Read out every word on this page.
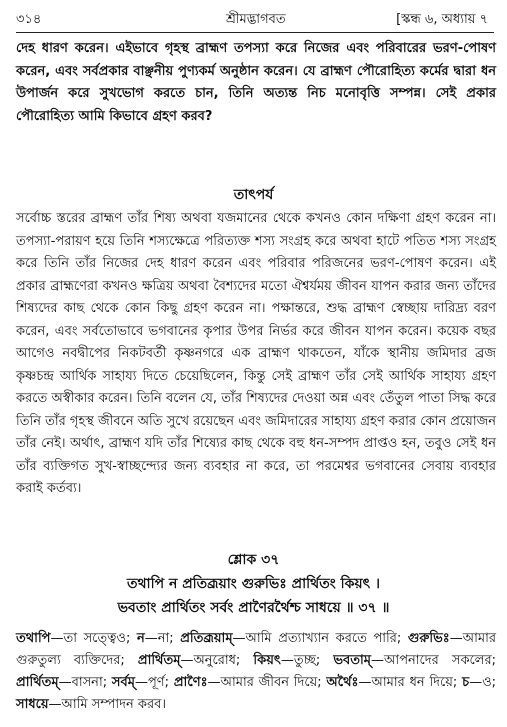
৩১৪	শ্রীমদ্ভাগবত	[স্কন্ধ ৬, অধ্যায় ৭

দেহ ধারণ করেন। এইভাবে গৃহস্থ ব্রাহ্মণ তপস্যা করে নিজের এবং পরিবারের ভরণ-পোষণ করেন, এবং সর্বপ্রকার বাঞ্ছনীয় পুণ্যকর্ম অনুষ্ঠান করেন। যে ব্রাহ্মণ পৌরোহিত্য কর্মের দ্বারা ধন উপার্জন করে সুখভোগ করতে চান, তিনি অত্যন্ত নিচ মনোবৃত্তি সম্পন্ন। সেই প্রকার পৌরোহিত্য আমি কিভাবে গ্রহণ করব?

তাৎপর্য

সর্বোচ্চ স্তরের ব্রাহ্মণ তাঁর শিষ্য অথবা যজমানের থেকে কখনও কোন দক্ষিণা গ্রহণ করেন না। তপস্যা-পরায়ণ হয়ে তিনি শস্যক্ষেত্রে পরিত্যক্ত শস্য সংগ্রহ করে অথবা হাটে পতিত শস্য সংগ্রহ করে তিনি তাঁর নিজের দেহ ধারণ করেন এবং পরিবার পরিজনের ভরণ-পোষণ করেন। এই প্রকার ব্রাহ্মণেরা কখনও ক্ষত্রিয় অথবা বৈশ্যদের মতো ঐশ্বর্যময় জীবন যাপন করার জন্য তাঁদের শিষ্যদের কাছ থেকে কোন কিছু গ্রহণ করেন না। পক্ষান্তরে, শুদ্ধ ব্রাহ্মণ স্বেচ্ছায় দারিদ্র্য বরণ করেন, এবং সর্বতোভাবে ভগবানের কৃপার উপর নির্ভর করে জীবন যাপন করেন। কয়েক বছর আগেও নবদ্বীপের নিকটবর্তী কৃষ্ণনগরে এক ব্রাহ্মণ থাকতেন, যাঁকে স্থানীয় জমিদার ব্রজ কৃষ্ণচন্দ্র আর্থিক সাহায্য দিতে চেয়েছিলেন, কিন্তু সেই ব্রাহ্মণ তাঁর সেই আর্থিক সাহায্য গ্রহণ করতে অস্বীকার করেন। তিনি বলেন যে, তাঁর শিষ্যদের দেওয়া অন্ন এবং তেঁতুল পাতা সিদ্ধ করে তিনি তাঁর গৃহস্থ জীবনে অতি সুখে রয়েছেন এবং জমিদারের সাহায্য গ্রহণ করার কোন প্রয়োজন তাঁর নেই। অর্থাৎ, ব্রাহ্মণ যদি তাঁর শিষ্যের কাছ থেকে বহু ধন-সম্পদ প্রাপ্তও হন, তবুও সেই ধন তাঁর ব্যক্তিগত সুখ-স্বাচ্ছন্দ্যের জন্য ব্যবহার না করে, তা পরমেশ্বর ভগবানের সেবায় ব্যবহার করাই কর্তব্য।

শ্লোক ৩৭
তথাপি ন প্রতিব্রূয়াং গুরুভিঃ প্রার্থিতং কিয়ৎ ।
ভবতাং প্রার্থিতং সর্বং প্রাণৈরর্থৈশ্চ সাধয়ে ॥ ৩৭ ॥

তথাপি—তা সত্ত্বেও; ন—না; প্রতিব্রূয়াম্—আমি প্রত্যাখ্যান করতে পারি; গুরুভিঃ—আমার গুরুতুল্য ব্যক্তিদের; প্রার্থিতম্—অনুরোধ; কিয়ৎ—তুচ্ছ; ভবতাম্—আপনাদের সকলের; প্রার্থিতম্—বাসনা; সর্বম্—পূর্ণ; প্রাণৈঃ—আমার জীবন দিয়ে; অর্থৈঃ—আমার ধন দিয়ে; চ—ও; সাধয়ে—আমি সম্পাদন করব।
